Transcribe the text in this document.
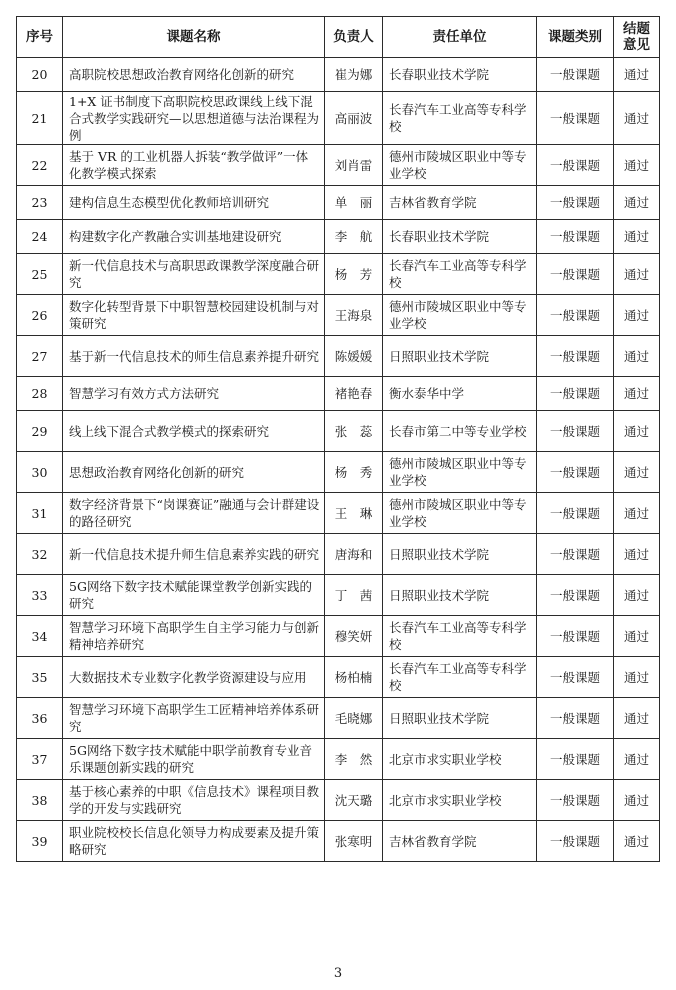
序号	课题名称	负责人	责任单位	课题类别	结题意见
20	高职院校思想政治教育网络化创新的研究	崔为娜	长春职业技术学院	一般课题	通过
21	1+X 证书制度下高职院校思政课线上线下混合式教学实践研究—以思想道德与法治课程为例	高丽波	长春汽车工业高等专科学校	一般课题	通过
22	基于 VR 的工业机器人拆装“教学做评”一体化教学模式探索	刘肖雷	德州市陵城区职业中等专业学校	一般课题	通过
23	建构信息生态模型优化教师培训研究	单　丽	吉林省教育学院	一般课题	通过
24	构建数字化产教融合实训基地建设研究	李　航	长春职业技术学院	一般课题	通过
25	新一代信息技术与高职思政课教学深度融合研究	杨　芳	长春汽车工业高等专科学校	一般课题	通过
26	数字化转型背景下中职智慧校园建设机制与对策研究	王海泉	德州市陵城区职业中等专业学校	一般课题	通过
27	基于新一代信息技术的师生信息素养提升研究	陈媛媛	日照职业技术学院	一般课题	通过
28	智慧学习有效方式方法研究	褚艳春	衡水泰华中学	一般课题	通过
29	线上线下混合式教学模式的探索研究	张　蕊	长春市第二中等专业学校	一般课题	通过
30	思想政治教育网络化创新的研究	杨　秀	德州市陵城区职业中等专业学校	一般课题	通过
31	数字经济背景下“岗课赛证”融通与会计群建设的路径研究	王　琳	德州市陵城区职业中等专业学校	一般课题	通过
32	新一代信息技术提升师生信息素养实践的研究	唐海和	日照职业技术学院	一般课题	通过
33	5G网络下数字技术赋能课堂教学创新实践的研究	丁　茜	日照职业技术学院	一般课题	通过
34	智慧学习环境下高职学生自主学习能力与创新精神培养研究	穆笑妍	长春汽车工业高等专科学校	一般课题	通过
35	大数据技术专业数字化教学资源建设与应用	杨柏楠	长春汽车工业高等专科学校	一般课题	通过
36	智慧学习环境下高职学生工匠精神培养体系研究	毛晓娜	日照职业技术学院	一般课题	通过
37	5G网络下数字技术赋能中职学前教育专业音乐课题创新实践的研究	李　然	北京市求实职业学校	一般课题	通过
38	基于核心素养的中职《信息技术》课程项目教学的开发与实践研究	沈天璐	北京市求实职业学校	一般课题	通过
39	职业院校校长信息化领导力构成要素及提升策略研究	张寒明	吉林省教育学院	一般课题	通过
3
